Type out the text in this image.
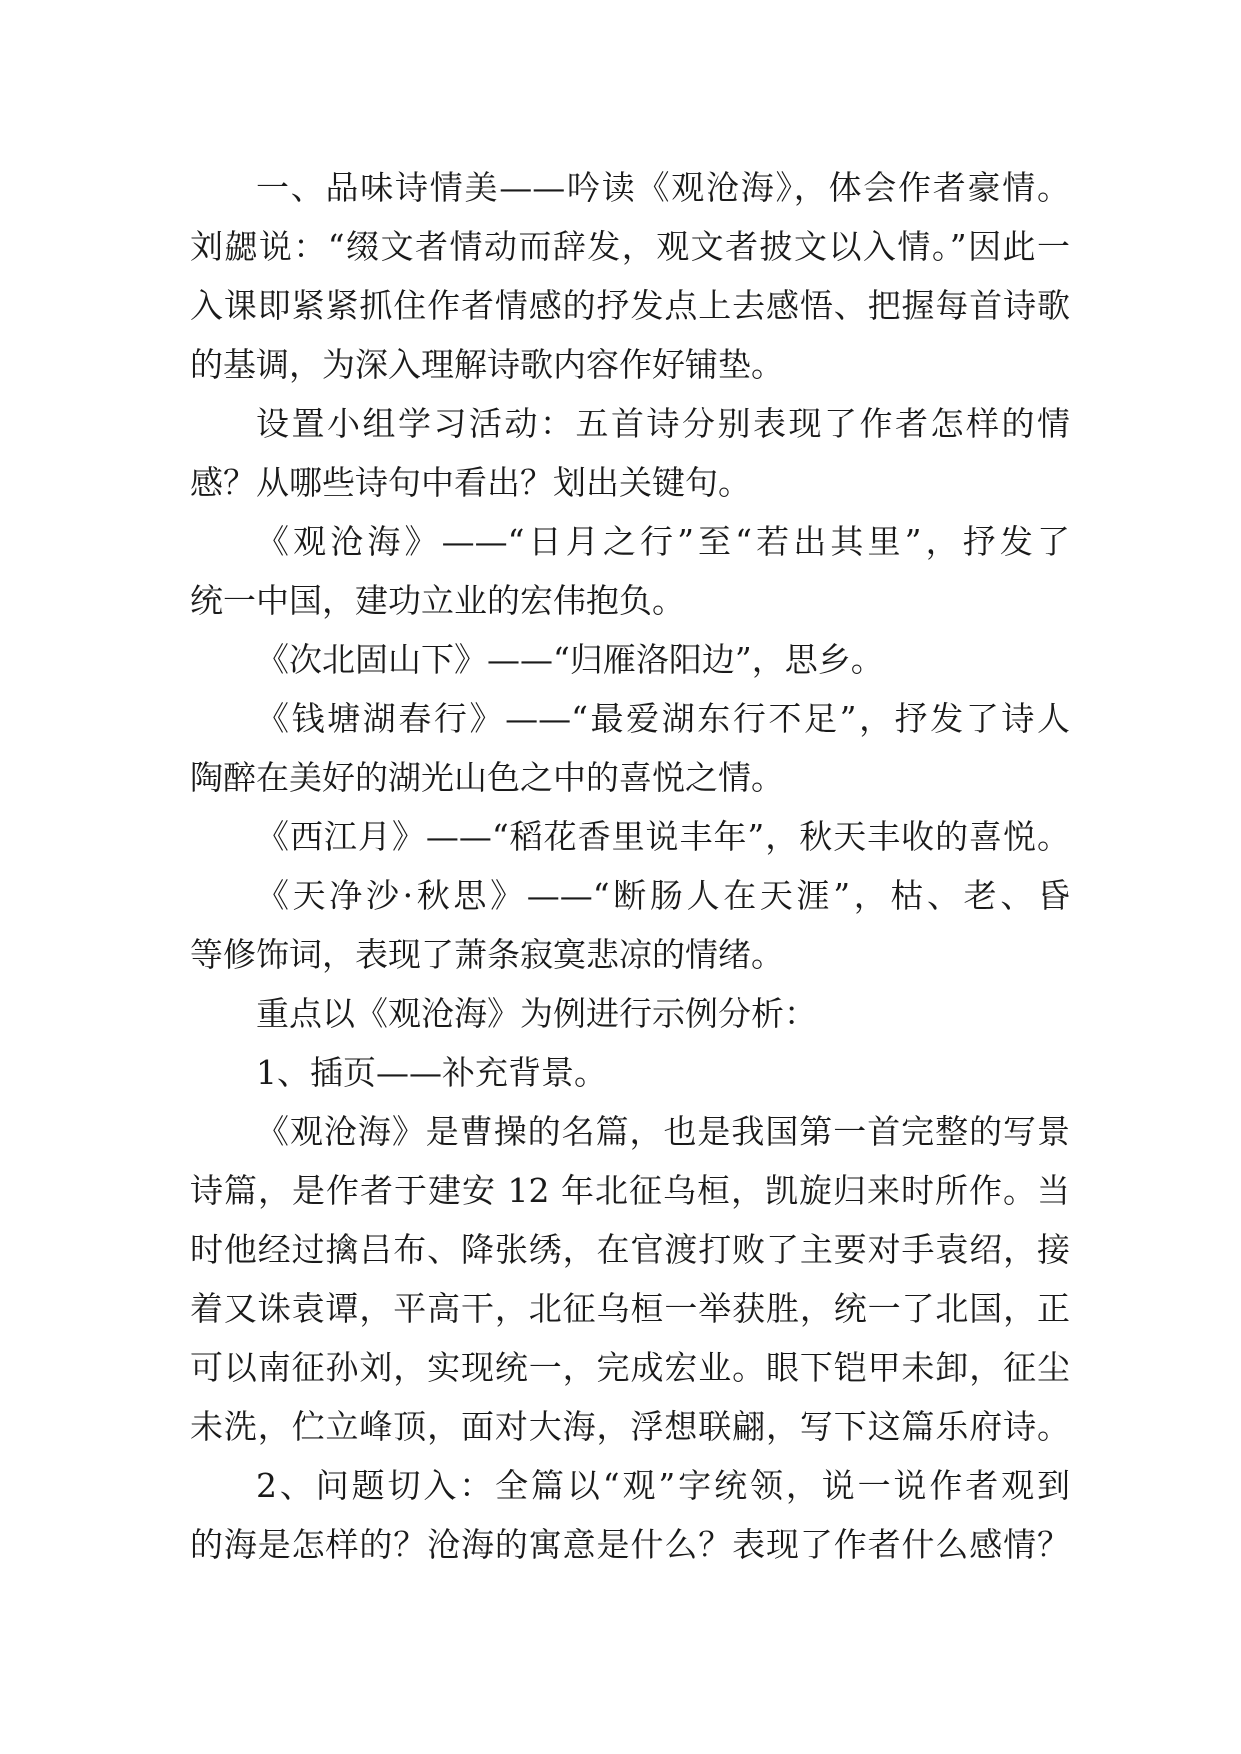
一、品味诗情美——吟读《观沧海》，体会作者豪情。
刘勰说：“缀文者情动而辞发，观文者披文以入情。”因此一
入课即紧紧抓住作者情感的抒发点上去感悟、把握每首诗歌
的基调，为深入理解诗歌内容作好铺垫。
设置小组学习活动：五首诗分别表现了作者怎样的情
感？从哪些诗句中看出？划出关键句。
《观沧海》——“日月之行”至“若出其里”，抒发了
统一中国，建功立业的宏伟抱负。
《次北固山下》——“归雁洛阳边”，思乡。
《钱塘湖春行》——“最爱湖东行不足”，抒发了诗人
陶醉在美好的湖光山色之中的喜悦之情。
《西江月》——“稻花香里说丰年”，秋天丰收的喜悦。
《天净沙·秋思》——“断肠人在天涯”，枯、老、昏
等修饰词，表现了萧条寂寞悲凉的情绪。
重点以《观沧海》为例进行示例分析：
1、插页——补充背景。
《观沧海》是曹操的名篇，也是我国第一首完整的写景
诗篇，是作者于建安 12 年北征乌桓，凯旋归来时所作。当
时他经过擒吕布、降张绣，在官渡打败了主要对手袁绍，接
着又诛袁谭，平高干，北征乌桓一举获胜，统一了北国，正
可以南征孙刘，实现统一，完成宏业。眼下铠甲未卸，征尘
未洗，伫立峰顶，面对大海，浮想联翩，写下这篇乐府诗。
2、问题切入：全篇以“观”字统领，说一说作者观到
的海是怎样的？沧海的寓意是什么？表现了作者什么感情？
